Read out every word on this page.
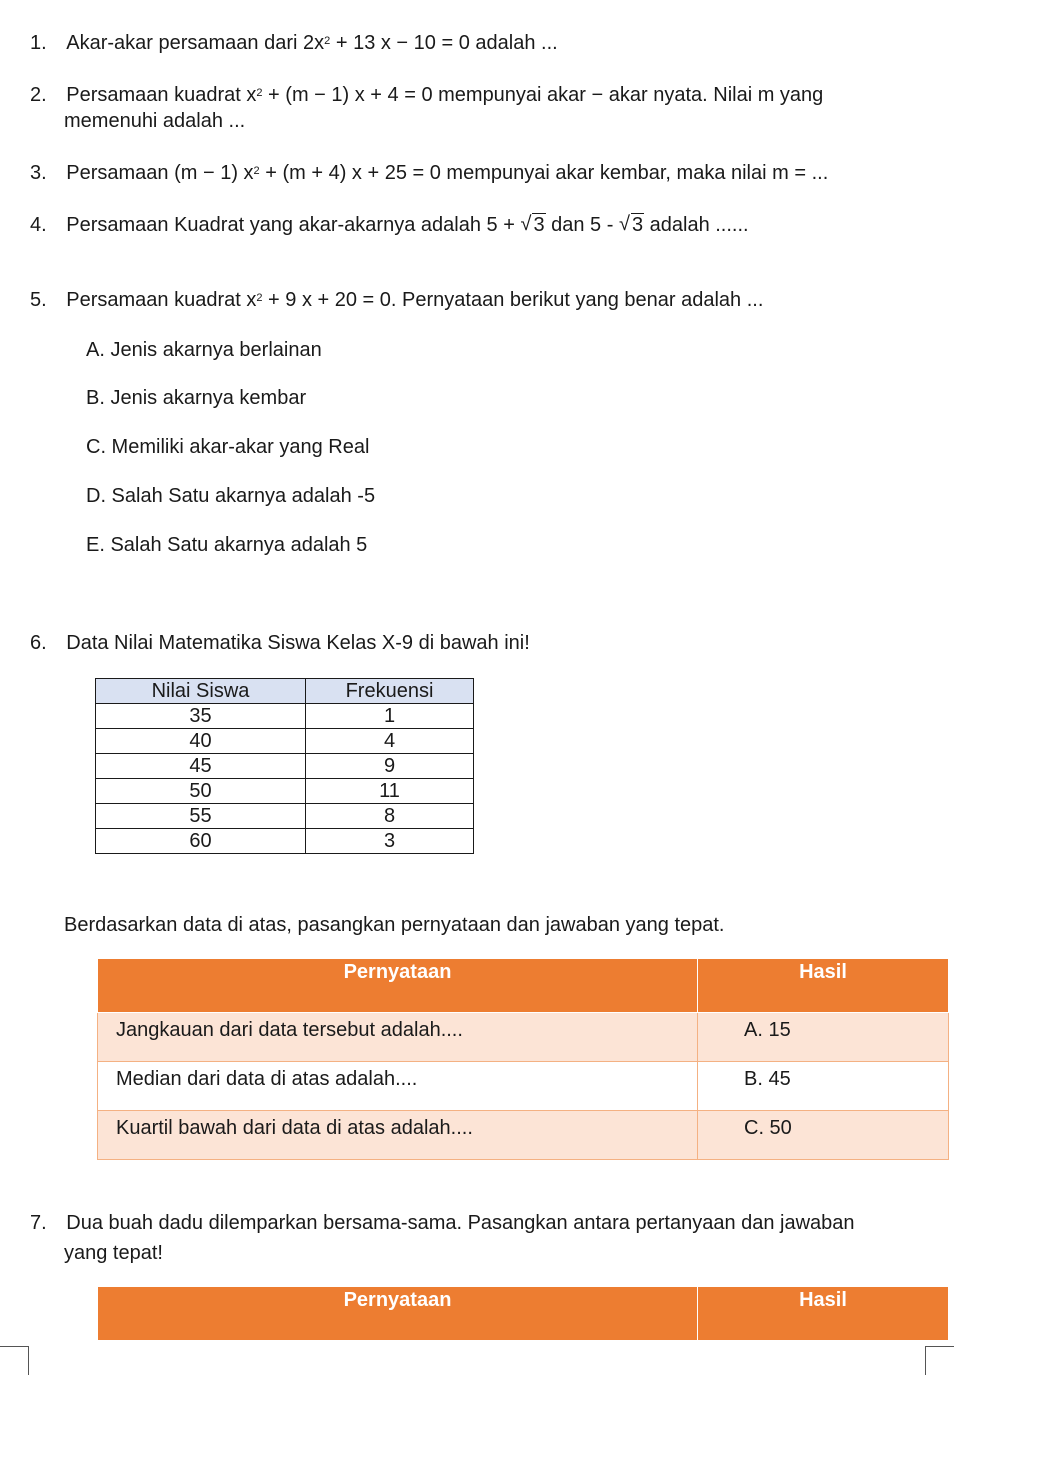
1. Akar-akar persamaan dari $2x^2 + 13$ x − 10 = 0 adalah ...
2. Persamaan kuadrat $x^2 + (m - 1) x + 4 = 0$ mempunyai akar − akar nyata. Nilai m yang
memenuhi adalah ...
3. Persamaan (m − 1) $x^2 + (m + 4) x + 25 = 0$ mempunyai akar kembar, maka nilai m = ...
4. Persamaan Kuadrat yang akar-akarnya adalah 5 + √ 3 dan 5 - √ 3 adalah ......
5. Persamaan kuadrat $x^2 + 9$ x + 20 = 0. Pernyataan berikut yang benar adalah ...
A. Jenis akarnya berlainan
B. Jenis akarnya kembar
C. Memiliki akar-akar yang Real
D. Salah Satu akarnya adalah -5
E. Salah Satu akarnya adalah 5
6. Data Nilai Matematika Siswa Kelas X-9 di bawah ini!
Nilai Siswa	Frekuensi
35	1
40	4
45	9
50	11
55	8
60	3
Berdasarkan data di atas, pasangkan pernyataan dan jawaban yang tepat.
Pernyataan	Hasil
Jangkauan dari data tersebut adalah....	A. 15
Median dari data di atas adalah....	B. 45
Kuartil bawah dari data di atas adalah....	C. 50
7. Dua buah dadu dilemparkan bersama-sama. Pasangkan antara pertanyaan dan jawaban
yang tepat!
Pernyataan	Hasil
